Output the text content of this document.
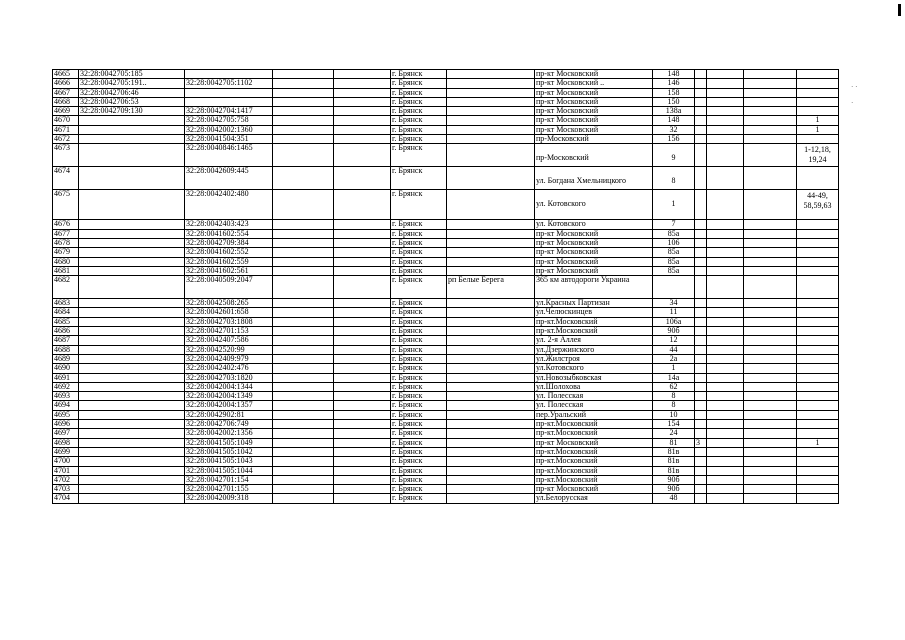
· ·
·
4665	32:28:0042705:185				г. Брянск		пр-кт Московский	148				
4666	32:28:0042705:191..	32:28:0042705:1102			г. Брянск		пр-кт Московский ..	146				
4667	32:28:0042706:46				г. Брянск		пр-кт Московский	158				
4668	32:28:0042706:53				г. Брянск		пр-кт Московский	150				
4669	32:28:0042709:130	32:28:0042704:1417			г. Брянск		пр-кт Московский	138а				
4670		32:28:0042705:758			г. Брянск		пр-кт Московский	148				1
4671		32:28:0042002:1360			г. Брянск		пр-кт Московский	32				1
4672		32:28:0041504:351			г. Брянск		пр-Московский	156				
4673		32:28:0040846:1465			г. Брянск		пр-Московский	9				1-12,18, 19,24
4674		32:28:0042609:445			г. Брянск		ул. Богдана Хмельницкого	8				
4675		32:28:0042402:480			г. Брянск		ул. Котовского	1				44-49, 58,59,63
4676		32:28:0042403:423			г. Брянск		ул. Котовского	7				
4677		32:28:0041602:554			г. Брянск		пр-кт Московский	85а				
4678		32:28:0042709:384			г. Брянск		пр-кт Московский	106				
4679		32:28:0041602:552			г. Брянск		пр-кт Московский	85а				
4680		32:28:0041602:559			г. Брянск		пр-кт Московский	85а				
4681		32:28:0041602:561			г. Брянск		пр-кт Московский	85а				
4682		32:28:0040509:2047			г. Брянск	рп Белые Берега	365 км автодороги Украина					
4683		32:28:0042508:265			г. Брянск		ул.Красных Партизан	34				
4684		32:28:0042601:658			г. Брянск		ул.Челюскинцев	11				
4685		32:28:0042703:1808			г. Брянск		пр-кт.Московский	106а				
4686		32:28:0042701:153			г. Брянск		пр-кт.Московский	90б				
4687		32:28:0042407:586			г. Брянск		ул. 2-я Аллея	12				
4688		32:28:0042520:99			г. Брянск		ул.Дзержинского	44				
4689		32:28:0042409:979			г. Брянск		ул.Жилстроя	2а				
4690		32:28:0042402:476			г. Брянск		ул.Котовского	1				
4691		32:28:0042703:1820			г. Брянск		ул.Новозыбковская	14а				
4692		32:28:0042004:1344			г. Брянск		ул.Шолохова	62				
4693		32:28:0042004:1349			г. Брянск		ул. Полесская	8				
4694		32:28:0042004:1357			г. Брянск		ул. Полесская	8				
4695		32:28:0042902:81			г. Брянск		пер.Уральский	10				
4696		32:28:0042706:749			г. Брянск		пр-кт.Московский	154				
4697		32:28:0042002:1356			г. Брянск		пр-кт.Московский	24				
4698		32:28:0041505:1049			г. Брянск		пр-кт Московский	81	3			1
4699		32:28:0041505:1042			г. Брянск		пр-кт.Московский	81в				
4700		32:28:0041505:1043			г. Брянск		пр-кт.Московский	81в				
4701		32:28:0041505:1044			г. Брянск		пр-кт.Московский	81в				
4702		32:28:0042701:154			г. Брянск		пр-кт.Московский	90б				
4703		32:28:0042701:155			г. Брянск		пр-кт Московский	90б				
4704		32:28:0042009:318			г. Брянск		ул.Белорусская	48				
